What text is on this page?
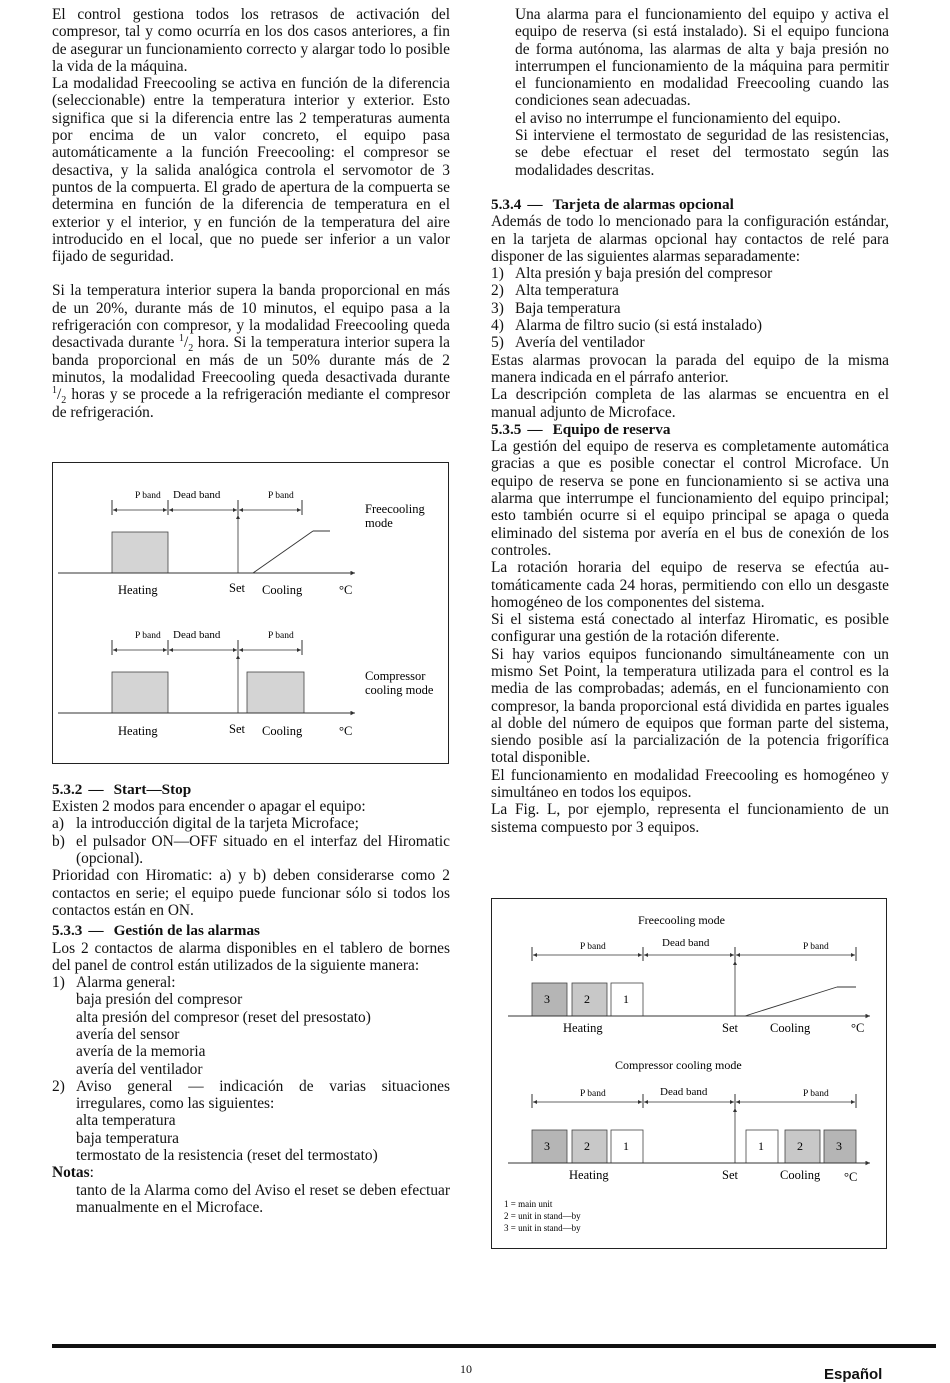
El control gestiona todos los retrasos de activación del compresor, tal y como ocurría en los dos casos anteriores, a fin de asegurar un funcionamiento correcto y alargar todo lo posible la vida de la máquina.

La modalidad Freecooling se activa en función de la diferencia (seleccionable) entre la temperatura interior y exterior. Esto significa que si la diferencia entre las 2 temperaturas aumenta por encima de un valor concreto, el equipo pasa automáticamente a la función Freecooling: el compresor se desactiva, y la salida analógica controla el servomotor de 3 puntos de la compuerta. El grado de apertura de la compuerta se determina en función de la diferencia de temperatura en el exterior y el interior, y en función de la temperatura del aire introducido en el local, que no puede ser inferior a un valor fijado de seguridad.

Si la temperatura interior supera la banda proporcional en más de un 20%, durante más de 10 minutos, el equipo pasa a la refrigeración con compresor, y la modalidad Freecooling queda desactivada durante $^1/_2$ hora. Si la temperatura interior supera la banda proporcional en más de un 50% durante más de 2 minutos, la modalidad Freecooling queda desactivada durante $^1/_2$ horas y se procede a la refrigeración mediante el compresor de refrigeración.

5.3.2 — Start—Stop

Existen 2 modos para encender o apagar el equipo:

a) la introducción digital de la tarjeta Microface;
b) el pulsador ON—OFF situado en el interfaz del Hiromatic (opcional).

Prioridad con Hiromatic: a) y b) deben considerarse como 2 contactos en serie; el equipo puede funcionar sólo si todos los contactos están en ON.

5.3.3 — Gestión de las alarmas

Los 2 contactos de alarma disponibles en el tablero de bornes del panel de control están utilizados de la siguiente manera:

1) Alarma general:
baja presión del compresor
alta presión del compresor (reset del presostato)
avería del sensor
avería de la memoria
avería del ventilador
2) Aviso general — indicación de varias situaciones irregulares, como las siguientes:
alta temperatura
baja temperatura
termostato de la resistencia (reset del termostato)

Notas:

tanto de la Alarma como del Aviso el reset se deben efectuar manualmente en el Microface.

P band Dead band	P band
Heating	Set Cooling	°C
Freecooling
mode
P band Dead band	P band
Heating	Set Cooling	°C
Compressor
cooling mode

Una alarma para el funcionamiento del equipo y activa el equipo de reserva (si está instalado). Si el equipo funciona de forma autónoma, las alarmas de alta y baja presión no interrumpen el funcionamiento de la máquina para permitir el funcionamiento en modalidad Freecooling cuando las condiciones sean adecuadas.

el aviso no interrumpe el funcionamiento del equipo.

Si interviene el termostato de seguridad de las resistencias, se debe efectuar el reset del termostato según las modalidades descritas.

5.3.4 — Tarjeta de alarmas opcional

Además de todo lo mencionado para la configuración estándar, en la tarjeta de alarmas opcional hay contactos de relé para disponer de las siguientes alarmas separadamente:

1) Alta presión y baja presión del compresor
2) Alta temperatura
3) Baja temperatura
4) Alarma de filtro sucio (si está instalado)
5) Avería del ventilador

Estas alarmas provocan la parada del equipo de la misma manera indicada en el párrafo anterior.

La descripción completa de las alarmas se encuentra en el manual adjunto de Microface.

5.3.5 — Equipo de reserva

La gestión del equipo de reserva es completamente automática gracias a que es posible conectar el control Microface. Un equipo de reserva se pone en funcionamiento si se activa una alarma que interrumpe el funcionamiento del equipo principal; esto también ocurre si el equipo principal se apaga o queda eliminado del sistema por avería en el bus de conexión de los controles.

La rotación horaria del equipo de reserva se efectúa automáticamente cada 24 horas, permitiendo con ello un desgaste homogéneo de los componentes del sistema.

Si el sistema está conectado al interfaz Hiromatic, es posible configurar una gestión de la rotación diferente.

Si hay varios equipos funcionando simultáneamente con un mismo Set Point, la temperatura utilizada para el control es la media de las comprobadas; además, en el funcionamiento con compresor, la banda proporcional está dividida en partes iguales al doble del número de equipos que forman parte del sistema, siendo posible así la parcialización de la potencia frigorífica total disponible.

El funcionamiento en modalidad Freecooling es homogéneo y simultáneo en todos los equipos.

La Fig. L, por ejemplo, representa el funcionamiento de un sistema compuesto por 3 equipos.

Freecooling mode
P band	Dead band	P band
3	2	1
Heating	Set	Cooling	°C
Compressor cooling mode
P band	Dead band	P band
3	2	1	1	2	3
Heating	Set	Cooling °C
1 = main unit
2 = unit in stand—by
3 = unit in stand—by
10	Español
